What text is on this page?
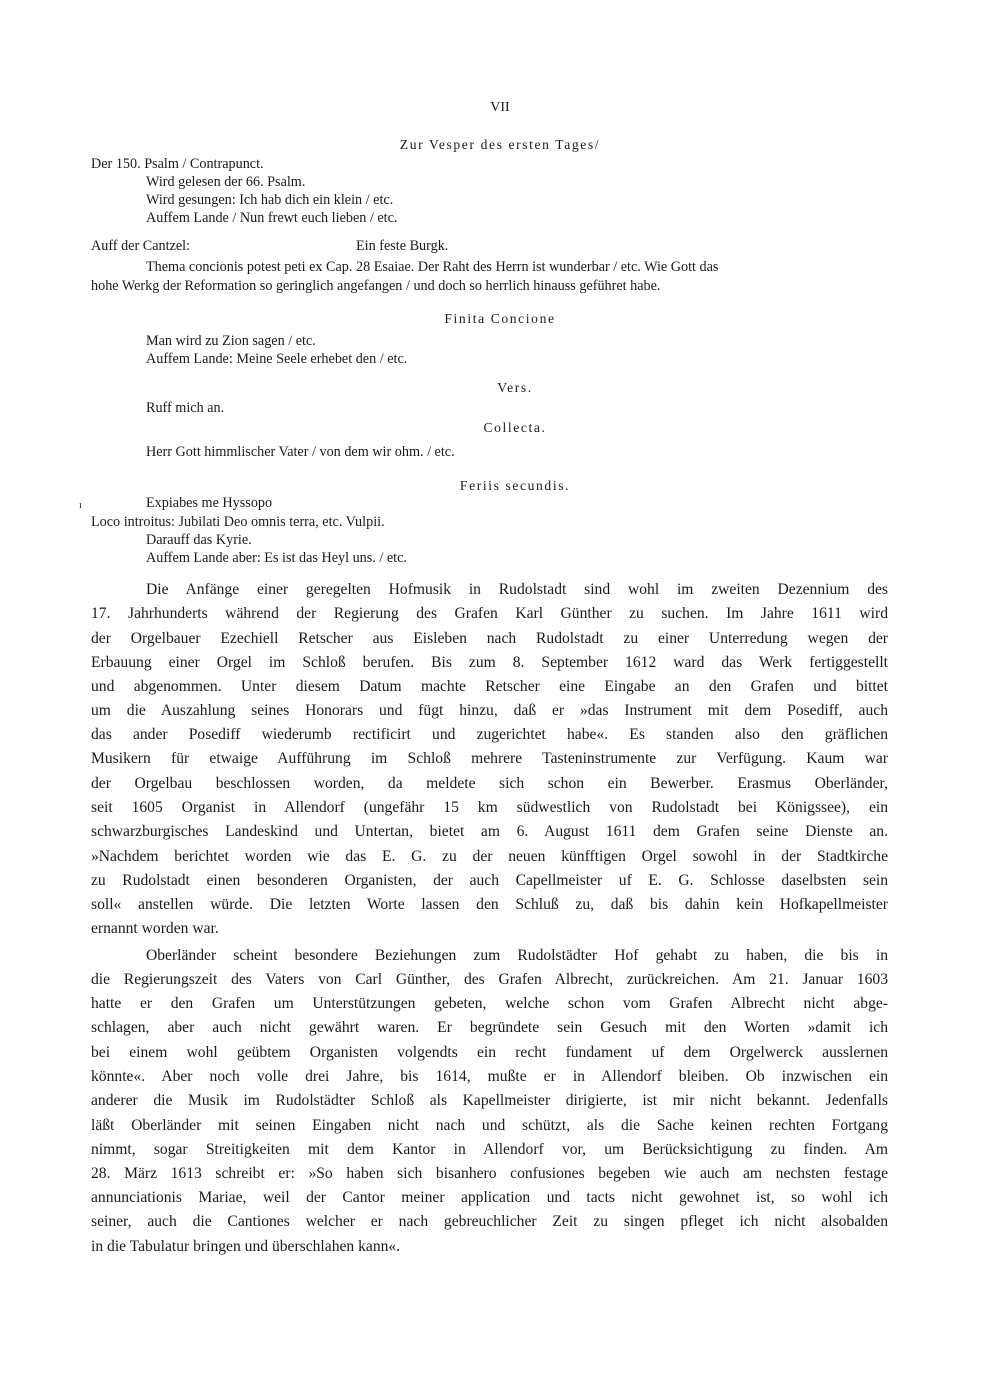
VII
Zur Vesper des ersten Tages/
Der 150. Psalm / Contrapunct.
Wird gelesen der 66. Psalm.
Wird gesungen: Ich hab dich ein klein / etc.
Auffem Lande / Nun frewt euch lieben / etc.
Auff der Cantzel:	Ein feste Burgk.
Thema concionis potest peti ex Cap. 28 Esaiae. Der Raht des Herrn ist wunderbar / etc. Wie Gott das
hohe Werkg der Reformation so geringlich angefangen / und doch so herrlich hinauss geführet habe.
Finita Concione
Man wird zu Zion sagen / etc.
Auffem Lande: Meine Seele erhebet den / etc.
Vers.
Ruff mich an.
Collecta.
Herr Gott himmlischer Vater / von dem wir ohm. / etc.
Feriis secundis.
ı	Expiabes me Hyssopo
Loco introitus: Jubilati Deo omnis terra, etc. Vulpii.
Darauff das Kyrie.
Auffem Lande aber: Es ist das Heyl uns. / etc.
Die Anfänge einer geregelten Hofmusik in Rudolstadt sind wohl im zweiten Dezennium des
17. Jahrhunderts während der Regierung des Grafen Karl Günther zu suchen. Im Jahre 1611 wird
der Orgelbauer Ezechiell Retscher aus Eisleben nach Rudolstadt zu einer Unterredung wegen der
Erbauung einer Orgel im Schloß berufen. Bis zum 8. September 1612 ward das Werk fertiggestellt
und abgenommen. Unter diesem Datum machte Retscher eine Eingabe an den Grafen und bittet
um die Auszahlung seines Honorars und fügt hinzu, daß er »das Instrument mit dem Posediff, auch
das ander Posediff wiederumb rectificirt und zugerichtet habe«. Es standen also den gräflichen
Musikern für etwaige Aufführung im Schloß mehrere Tasteninstrumente zur Verfügung. Kaum war
der Orgelbau beschlossen worden, da meldete sich schon ein Bewerber. Erasmus Oberländer,
seit 1605 Organist in Allendorf (ungefähr 15 km südwestlich von Rudolstadt bei Königssee), ein
schwarzburgisches Landeskind und Untertan, bietet am 6. August 1611 dem Grafen seine Dienste an.
»Nachdem berichtet worden wie das E. G. zu der neuen künfftigen Orgel sowohl in der Stadtkirche
zu Rudolstadt einen besonderen Organisten, der auch Capellmeister uf E. G. Schlosse daselbsten sein
soll« anstellen würde. Die letzten Worte lassen den Schluß zu, daß bis dahin kein Hofkapellmeister
ernannt worden war.
Oberländer scheint besondere Beziehungen zum Rudolstädter Hof gehabt zu haben, die bis in
die Regierungszeit des Vaters von Carl Günther, des Grafen Albrecht, zurückreichen. Am 21. Januar 1603
hatte er den Grafen um Unterstützungen gebeten, welche schon vom Grafen Albrecht nicht abge-
schlagen, aber auch nicht gewährt waren. Er begründete sein Gesuch mit den Worten »damit ich
bei einem wohl geübtem Organisten volgendts ein recht fundament uf dem Orgelwerck ausslernen
könnte«. Aber noch volle drei Jahre, bis 1614, mußte er in Allendorf bleiben. Ob inzwischen ein
anderer die Musik im Rudolstädter Schloß als Kapellmeister dirigierte, ist mir nicht bekannt. Jedenfalls
läßt Oberländer mit seinen Eingaben nicht nach und schützt, als die Sache keinen rechten Fortgang
nimmt, sogar Streitigkeiten mit dem Kantor in Allendorf vor, um Berücksichtigung zu finden. Am
28. März 1613 schreibt er: »So haben sich bisanhero confusiones begeben wie auch am nechsten festage
annunciationis Mariae, weil der Cantor meiner application und tacts nicht gewohnet ist, so wohl ich
seiner, auch die Cantiones welcher er nach gebreuchlicher Zeit zu singen pfleget ich nicht alsobalden
in die Tabulatur bringen und überschlahen kann«.
